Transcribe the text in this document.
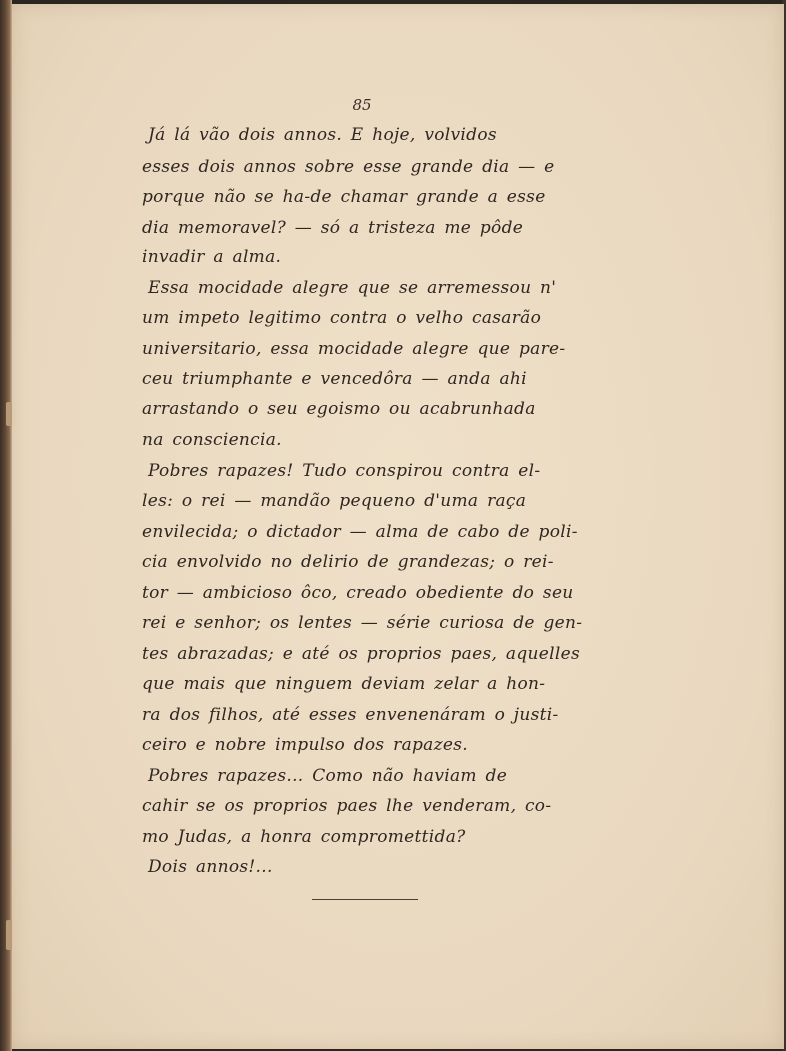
85
Já lá vão dois annos. E hoje, volvidos
esses dois annos sobre esse grande dia — e
porque não se ha-de chamar grande a esse
dia memoravel? — só a tristeza me pôde
invadir a alma.
Essa mocidade alegre que se arremessou n'
um impeto legitimo contra o velho casarão
universitario, essa mocidade alegre que pare-
ceu triumphante e vencedôra — anda ahi
arrastando o seu egoismo ou acabrunhada
na consciencia.
Pobres rapazes! Tudo conspirou contra el-
les: o rei — mandão pequeno d'uma raça
envilecida; o dictador — alma de cabo de poli-
cia envolvido no delirio de grandezas; o rei-
tor — ambicioso ôco, creado obediente do seu
rei e senhor; os lentes — série curiosa de gen-
tes abrazadas; e até os proprios paes, aquelles
que mais que ninguem deviam zelar a hon-
ra dos filhos, até esses envenenáram o justi-
ceiro e nobre impulso dos rapazes.
Pobres rapazes... Como não haviam de
cahir se os proprios paes lhe venderam, co-
mo Judas, a honra compromettida?
Dois annos!...
